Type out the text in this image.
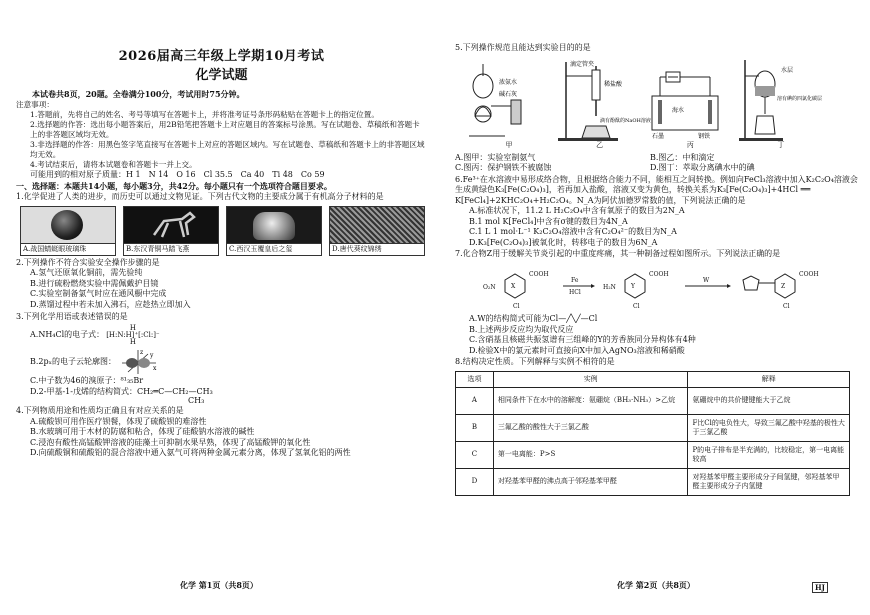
2026届高三年级上学期10月考试
化学试题
本试卷共8页，20题。全卷满分100分，考试用时75分钟。
注意事项：
1.答题前，先将自己的姓名、考号等填写在答题卡上，并将准考证号条形码粘贴在答题卡上的指定位置。
2.选择题的作答：选出每小题答案后，用2B铅笔把答题卡上对应题目的答案标号涂黑。写在试题卷、草稿纸和答题卡上的非答题区域均无效。
3.非选择题的作答：用黑色签字笔直接写在答题卡上对应的答题区域内。写在试题卷、草稿纸和答题卡上的非答题区域均无效。
4.考试结束后，请将本试题卷和答题卡一并上交。
可能用到的相对原子质量：H 1　N 14　O 16　Cl 35.5　Ca 40　Ti 48　Co 59
一、选择题：本题共14小题，每小题3分，共42分。每小题只有一个选项符合题目要求。
1.化学促进了人类的进步，而历史可以通过文物见证。下列古代文物的主要成分属于有机高分子材料的是
A.战国蜻蜓眼玻璃珠	B.东汉青铜马踏飞燕	C.西汉玉覆皇后之玺	D.唐代葵纹锦绣
2.下列操作不符合实验安全操作步骤的是
A.氢气还原氧化铜前，需先验纯
B.进行硫粉燃烧实验中需佩戴护目镜
C.实验室制备氯气时应在通风橱中完成
D.蒸馏过程中若未加入沸石，应趁热立即加入
3.下列化学用语或表述错误的是
A.NH₄Cl的电子式：
H
[H:N:H]⁺[:Cl:]⁻
H
B.2pₓ的电子云轮廓图：
z y
x
C.中子数为46的溴原子：⁸¹₃₅Br
D.2-甲基-1-戊烯的结构简式：CH₂═C—CH₂—CH₃
CH₃
4.下列物质用途和性质均正确且有对应关系的是
A.硫酸钡可用作医疗钡餐，体现了硫酸钡的难溶性
B.水玻璃可用于木材的防腐和粘合，体现了硅酸钠水溶液的碱性
C.浸泡有酸性高锰酸钾溶液的硅藻土可抑制水果早熟，体现了高锰酸钾的氧化性
D.向硫酸铜和硫酸铝的混合溶液中通入氨气可将两种金属元素分离，体现了氢氧化铝的两性
化学 第1页（共8页）
5.下列操作规范且能达到实验目的的是
浓氨水
碱石灰
甲
滴定管夹
稀盐酸
滴有酚酞的NaOH溶液
乙
海水
石墨	钢铁
丙
水层
溶有碘的四氯化碳层
丁
A.图甲：实验室制氨气	B.图乙：中和滴定
C.图丙：保护钢铁不被腐蚀	D.图丁：萃取分离碘水中的碘
6.Fe³⁺在水溶液中易形成络合物，且根据络合能力不同，能相互之间转换。例如向FeCl₃溶液中加入K₂C₂O₄溶液会生成黄绿色K₃[Fe(C₂O₄)₃]，若再加入盐酸，溶液又变为黄色，转换关系为K₃[Fe(C₂O₄)₃]+4HCl ══ K[FeCl₄]+2KHC₂O₄+H₂C₂O₄。N_A为阿伏加德罗常数的值，下列说法正确的是
A.标准状况下，11.2 L H₂C₂O₄中含有氧原子的数目为2N_A
B.1 mol K[FeCl₄]中含有σ键的数目为4N_A
C.1 L 1 mol·L⁻¹ K₂C₂O₄溶液中含有C₂O₄²⁻的数目为N_A
D.K₃[Fe(C₂O₄)₃]被氧化时，转移电子的数目为6N_A
7.化合物Z用于缓解关节炎引起的中重度疼痛，其一种制备过程如图所示。下列说法正确的是
O₂N
Cl
COOH
X
Fe
HCl
H₂N
Cl
COOH
Y
W
Cl
COOH
Z
A.W的结构简式可能为Cl—╱╲╱—Cl
B.上述两步反应均为取代反应
C.含硝基且核磁共振氢谱有三组峰的Y的芳香族同分异构体有4种
D.检验X中的氯元素时可直接向X中加入AgNO₃溶液和稀硝酸
8.结构决定性质。下列解释与实例不相符的是
选项	实例	解释
A	相同条件下在水中的溶解度：氨硼烷（BH₃·NH₃）>乙烷	氨硼烷中的共价键键能大于乙烷
B	三氟乙酸的酸性大于三氯乙酸	F比Cl的电负性大，导致三氟乙酸中羟基的极性大于三氯乙酸
C	第一电离能：P>S	P的电子排布是半充满的，比较稳定，第一电离能较高
D	对羟基苯甲醛的沸点高于邻羟基苯甲醛	对羟基苯甲醛主要形成分子间氢键，邻羟基苯甲醛主要形成分子内氢键
化学 第2页（共8页）	HJ
